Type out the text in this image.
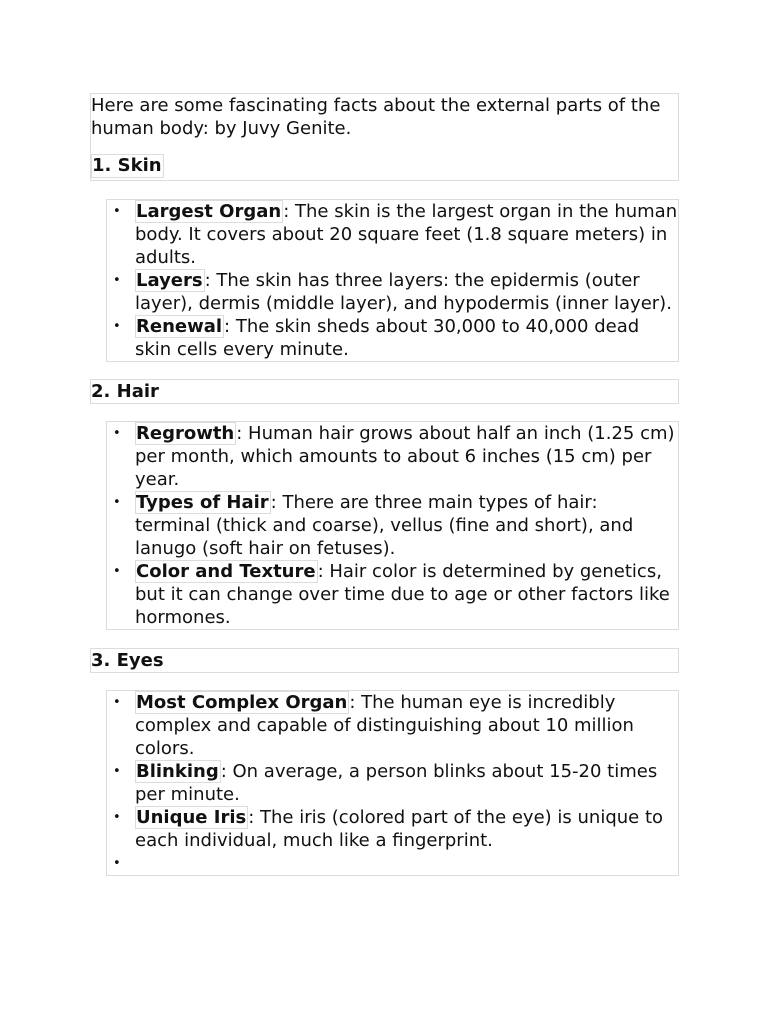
Here are some fascinating facts about the external parts of the human body: by Juvy Genite.

1. Skin
• Largest Organ : The skin is the largest organ in the human body. It covers about 20 square feet (1.8 square meters) in adults.
• Layers : The skin has three layers: the epidermis (outer layer), dermis (middle layer), and hypodermis (inner layer).
• Renewal : The skin sheds about 30,000 to 40,000 dead skin cells every minute.
2. Hair
• Regrowth : Human hair grows about half an inch (1.25 cm) per month, which amounts to about 6 inches (15 cm) per year.
• Types of Hair : There are three main types of hair: terminal (thick and coarse), vellus (fine and short), and lanugo (soft hair on fetuses).
• Color and Texture : Hair color is determined by genetics, but it can change over time due to age or other factors like hormones.
3. Eyes
• Most Complex Organ : The human eye is incredibly complex and capable of distinguishing about 10 million colors.
• Blinking : On average, a person blinks about 15-20 times per minute.
• Unique Iris : The iris (colored part of the eye) is unique to each individual, much like a fingerprint.
•
